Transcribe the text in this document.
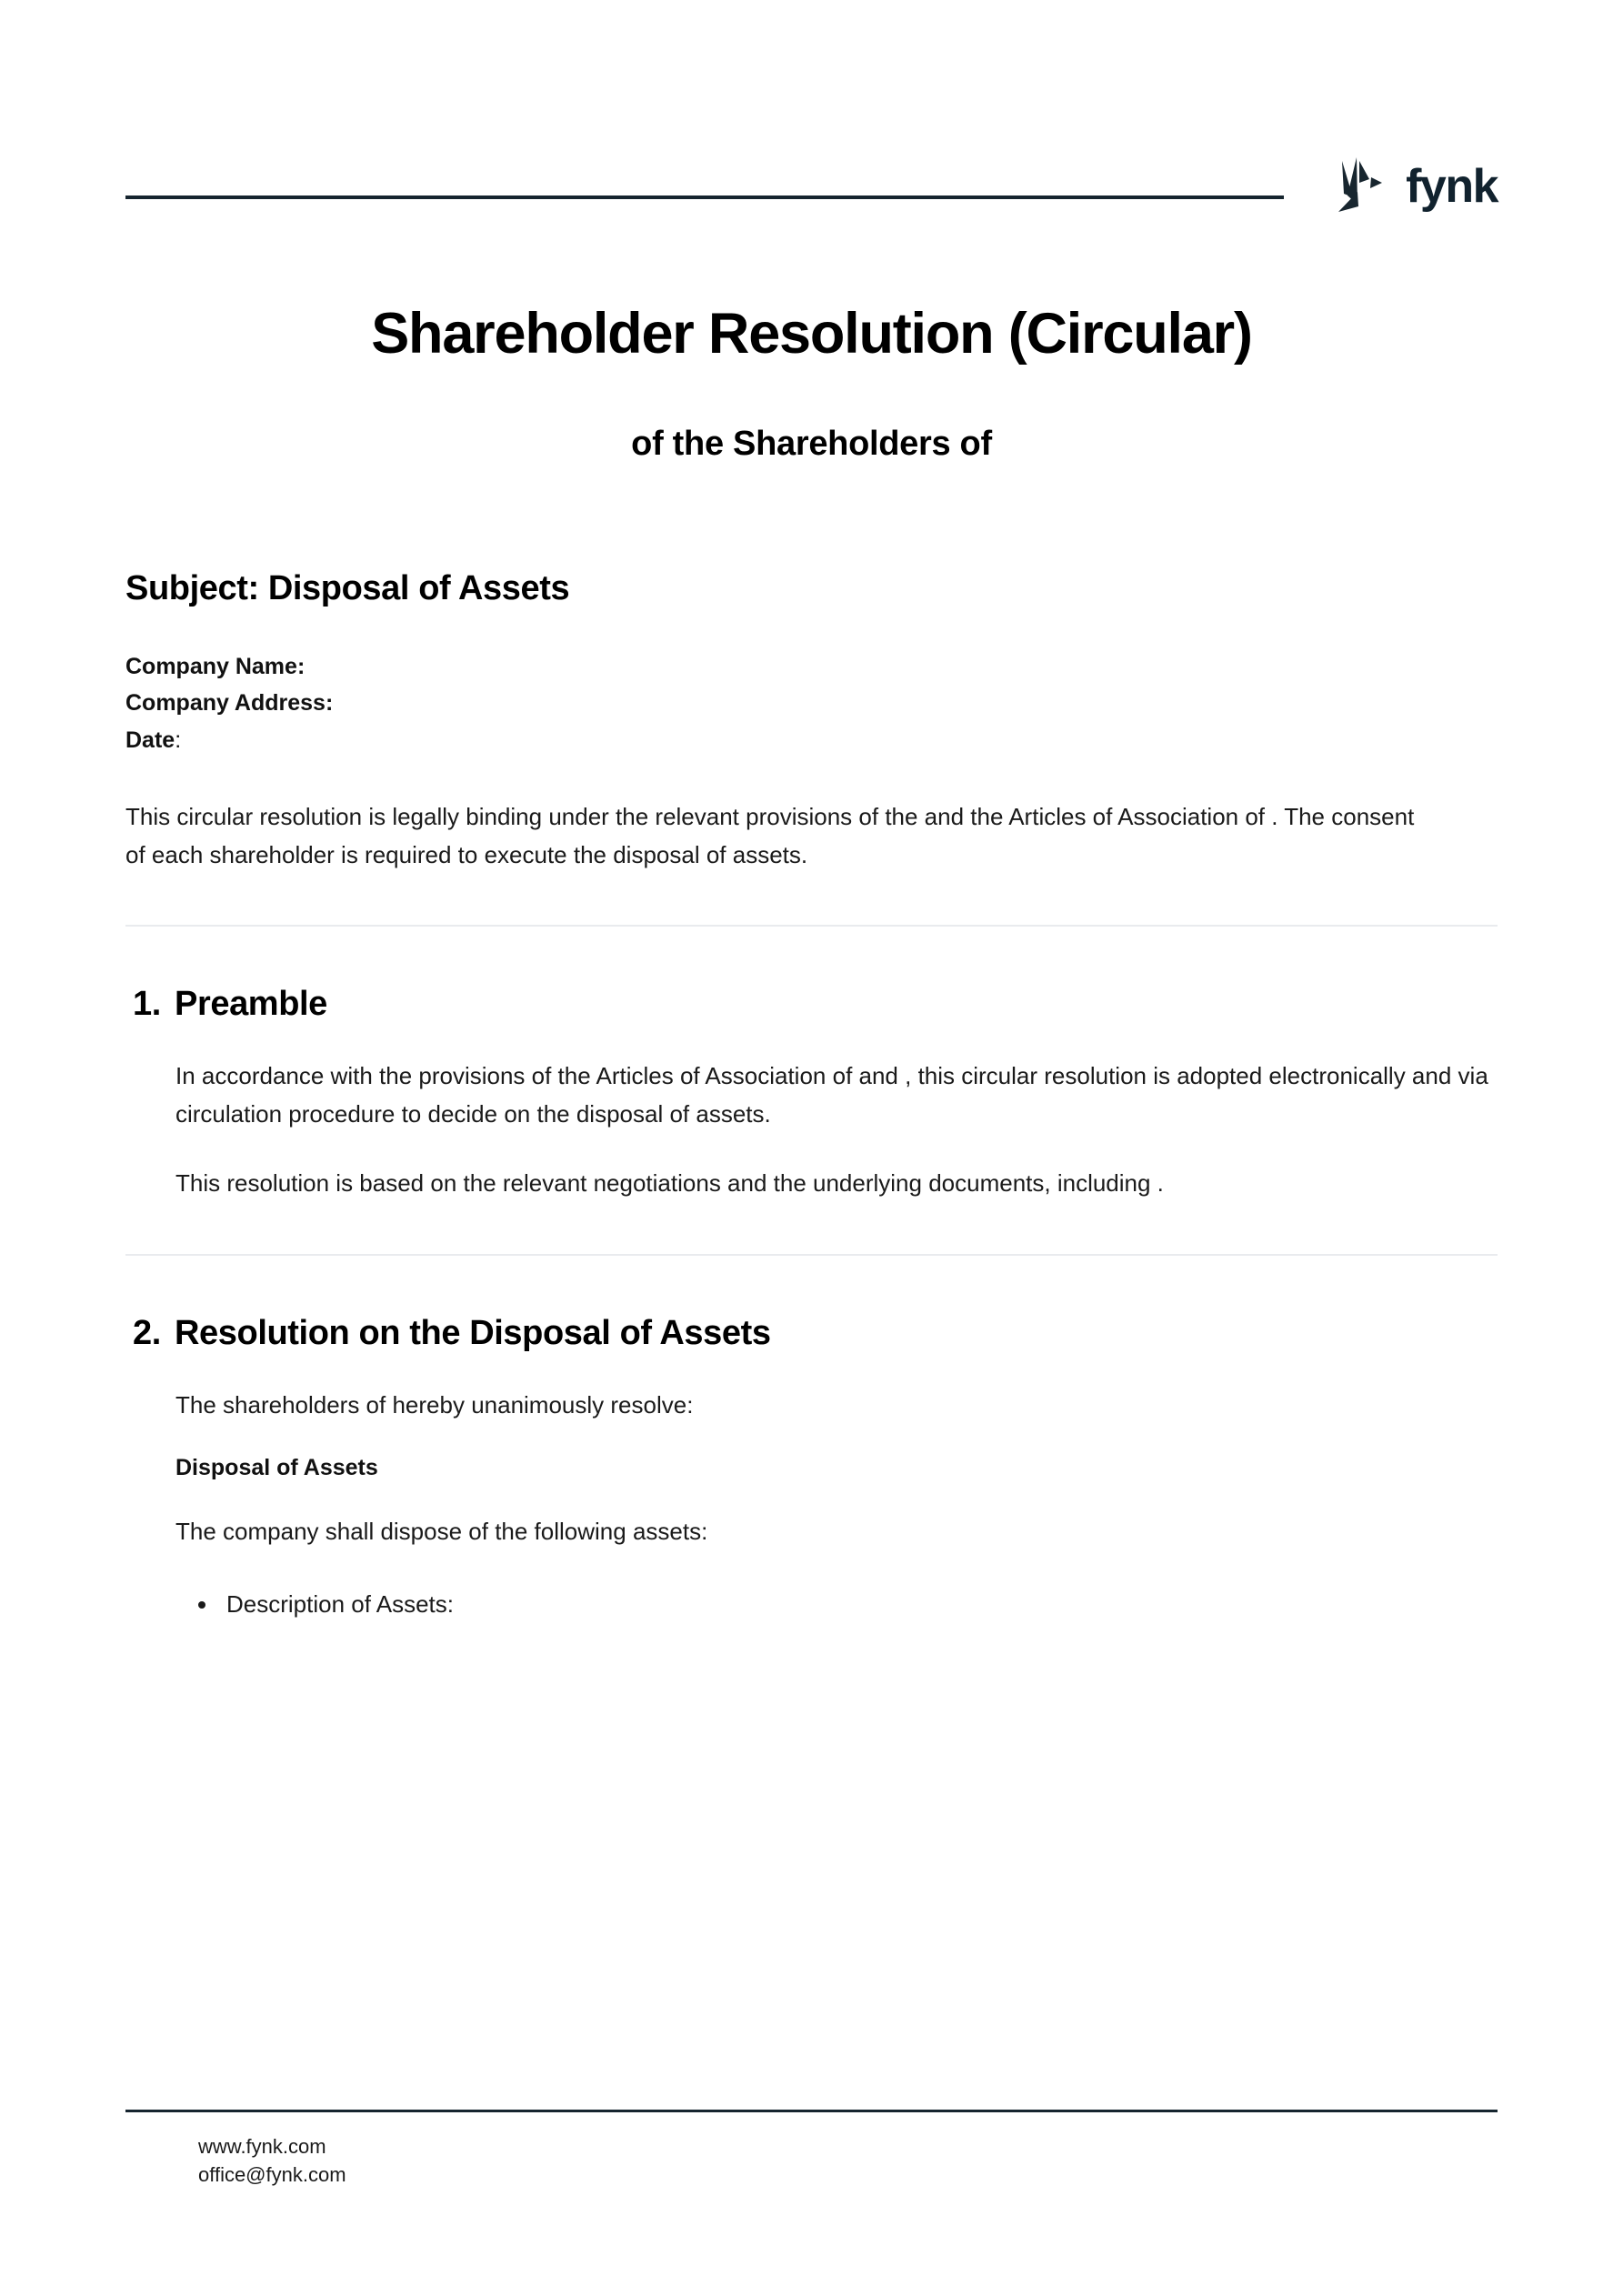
fynk
Shareholder Resolution (Circular)
of the Shareholders of
Subject: Disposal of Assets
Company Name:
Company Address:
Date:

This circular resolution is legally binding under the relevant provisions of the and the Articles of Association of . The consent of each shareholder is required to execute the disposal of assets.

1. Preamble

In accordance with the provisions of the Articles of Association of and , this circular resolution is adopted electronically and via circulation procedure to decide on the disposal of assets.

This resolution is based on the relevant negotiations and the underlying documents, including .

2. Resolution on the Disposal of Assets

The shareholders of hereby unanimously resolve:

Disposal of Assets

The company shall dispose of the following assets:

• Description of Assets:
www.fynk.com
office@fynk.com
